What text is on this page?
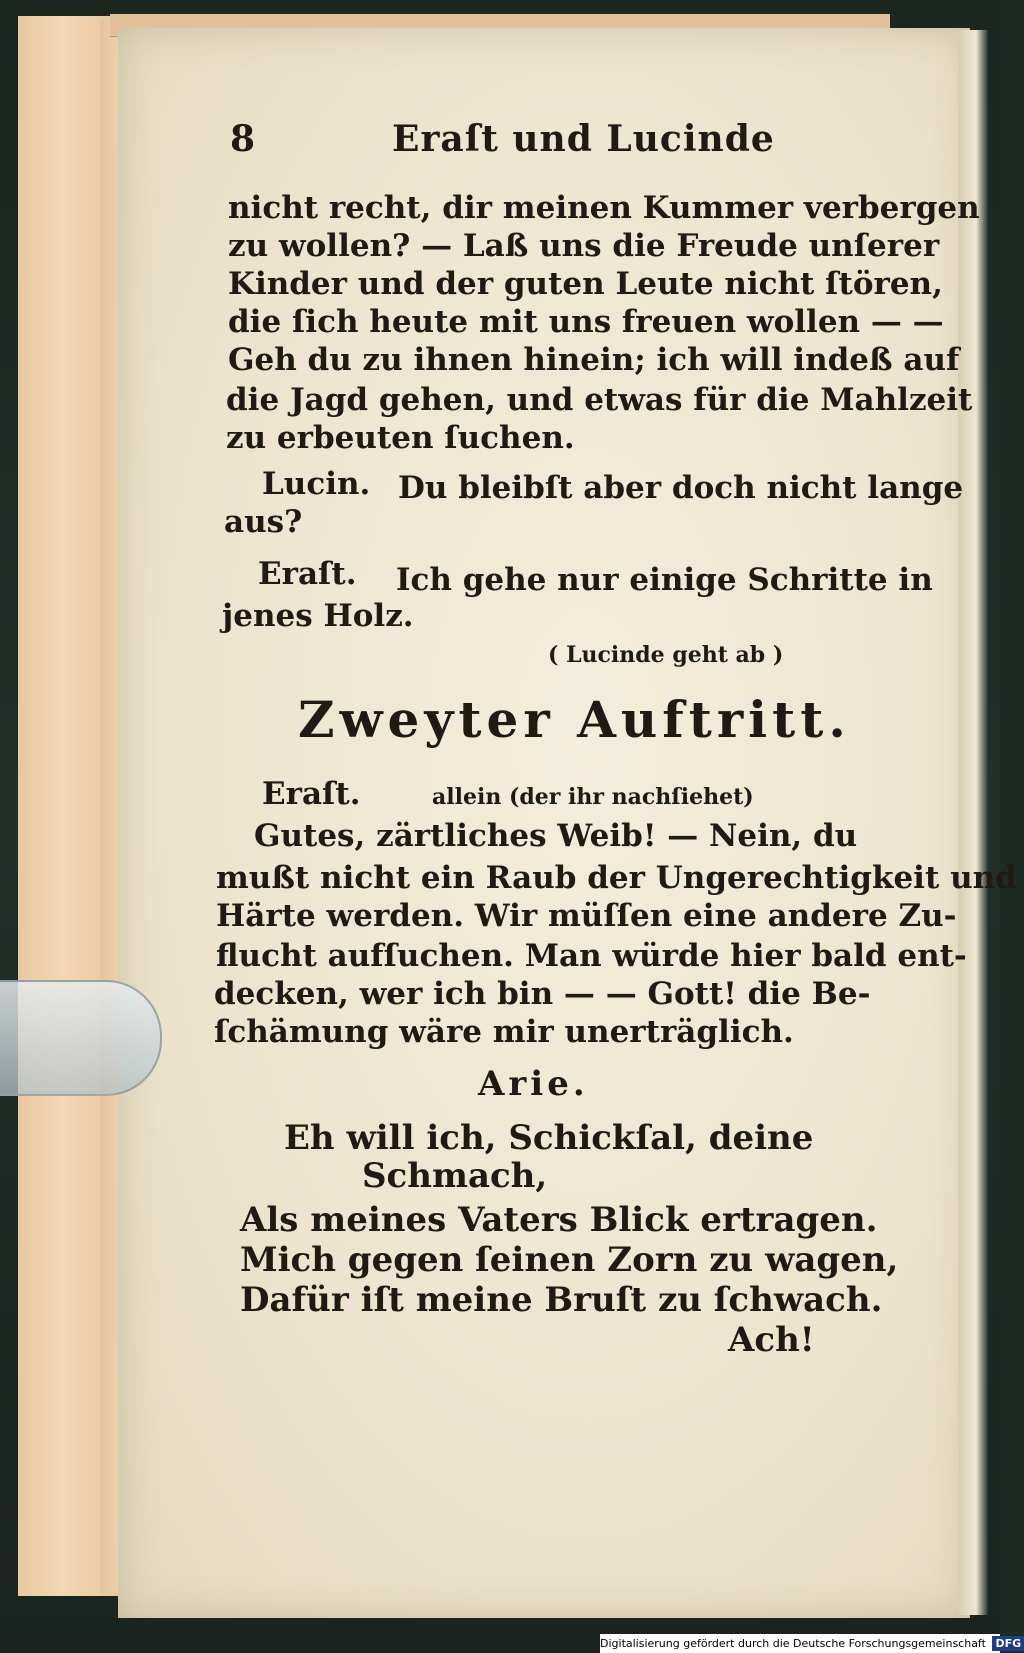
8	Eraſt und Lucinde
nicht recht, dir meinen Kummer verbergen
zu wollen? — Laß uns die Freude unſerer
Kinder und der guten Leute nicht ſtören,
die ſich heute mit uns freuen wollen — —
Geh du zu ihnen hinein; ich will indeß auf
die Jagd gehen, und etwas für die Mahlzeit
zu erbeuten ſuchen.
Lucin. Du bleibſt aber doch nicht lange
aus?
Eraſt. Ich gehe nur einige Schritte in
jenes Holz.
( Lucinde geht ab )
Zweyter Auftritt.
Eraſt.	allein (der ihr nachſiehet)
Gutes, zärtliches Weib! — Nein, du
mußt nicht ein Raub der Ungerechtigkeit und
Härte werden. Wir müſſen eine andere Zu-
flucht aufſuchen. Man würde hier bald ent-
decken, wer ich bin — — Gott! die Be-
ſchämung wäre mir unerträglich.
Arie.
Eh will ich, Schickſal, deine
Schmach,
Als meines Vaters Blick ertragen.
Mich gegen ſeinen Zorn zu wagen,
Dafür iſt meine Bruſt zu ſchwach.
Ach!
Digitalisierung gefördert durch die Deutsche Forschungsgemeinschaft DFG
